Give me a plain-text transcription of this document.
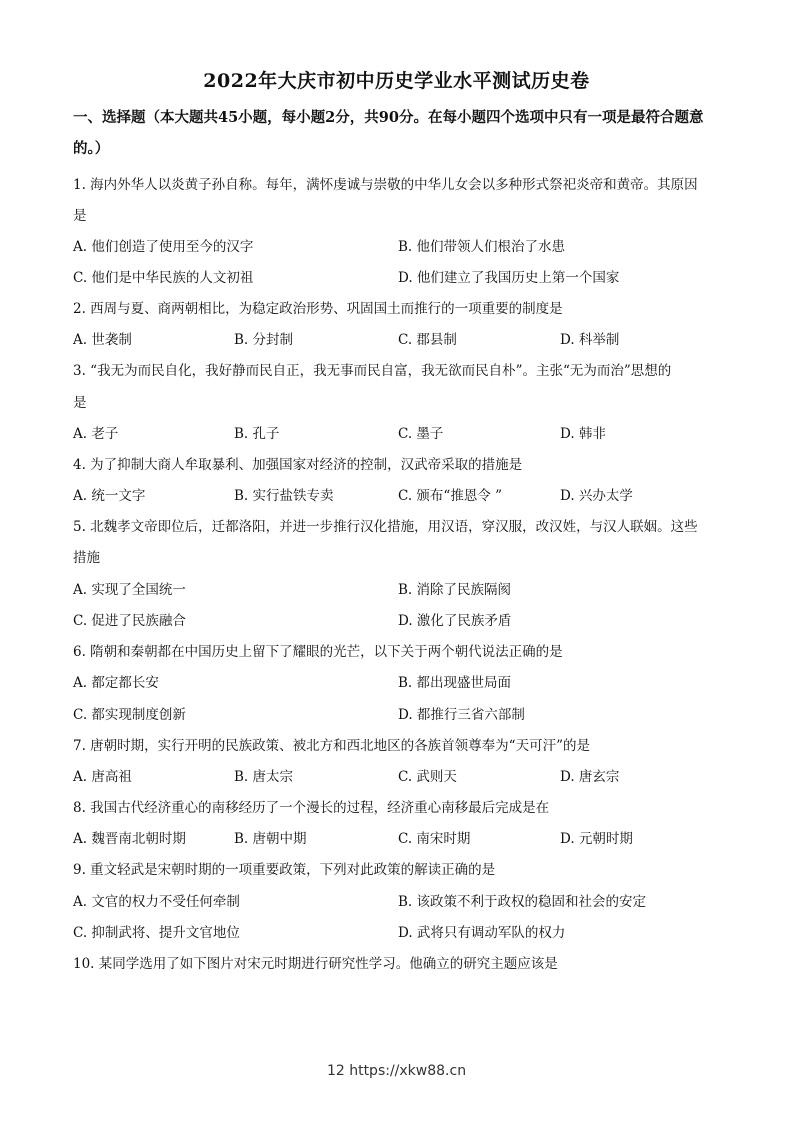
2022年大庆市初中历史学业水平测试历史卷
一、选择题（本大题共45小题，每小题2分，共90分。在每小题四个选项中只有一项是最符合题意的。）
1. 海内外华人以炎黄子孙自称。每年，满怀虔诚与崇敬的中华儿女会以多种形式祭祀炎帝和黄帝。其原因
是
A. 他们创造了使用至今的汉字	B. 他们带领人们根治了水患
C. 他们是中华民族的人文初祖	D. 他们建立了我国历史上第一个国家
2. 西周与夏、商两朝相比，为稳定政治形势、巩固国土而推行的一项重要的制度是
A. 世袭制	B. 分封制	C. 郡县制	D. 科举制
3. “我无为而民自化，我好静而民自正，我无事而民自富，我无欲而民自朴”。主张“无为而治”思想的
是
A. 老子	B. 孔子	C. 墨子	D. 韩非
4. 为了抑制大商人牟取暴利、加强国家对经济的控制，汉武帝采取的措施是
A. 统一文字	B. 实行盐铁专卖	C. 颁布“推恩令 ”	D. 兴办太学
5. 北魏孝文帝即位后，迁都洛阳，并进一步推行汉化措施，用汉语，穿汉服，改汉姓，与汉人联姻。这些
措施
A. 实现了全国统一	B. 消除了民族隔阂
C. 促进了民族融合	D. 激化了民族矛盾
6. 隋朝和秦朝都在中国历史上留下了耀眼的光芒，以下关于两个朝代说法正确的是
A. 都定都长安	B. 都出现盛世局面
C. 都实现制度创新	D. 都推行三省六部制
7. 唐朝时期，实行开明的民族政策、被北方和西北地区的各族首领尊奉为“天可汗”的是
A. 唐高祖	B. 唐太宗	C. 武则天	D. 唐玄宗
8. 我国古代经济重心的南移经历了一个漫长的过程，经济重心南移最后完成是在
A. 魏晋南北朝时期	B. 唐朝中期	C. 南宋时期	D. 元朝时期
9. 重文轻武是宋朝时期的一项重要政策，下列对此政策的解读正确的是
A. 文官的权力不受任何牵制	B. 该政策不利于政权的稳固和社会的安定
C. 抑制武将、提升文官地位	D. 武将只有调动军队的权力
10. 某同学选用了如下图片对宋元时期进行研究性学习。他确立的研究主题应该是
12 https://xkw88.cn
